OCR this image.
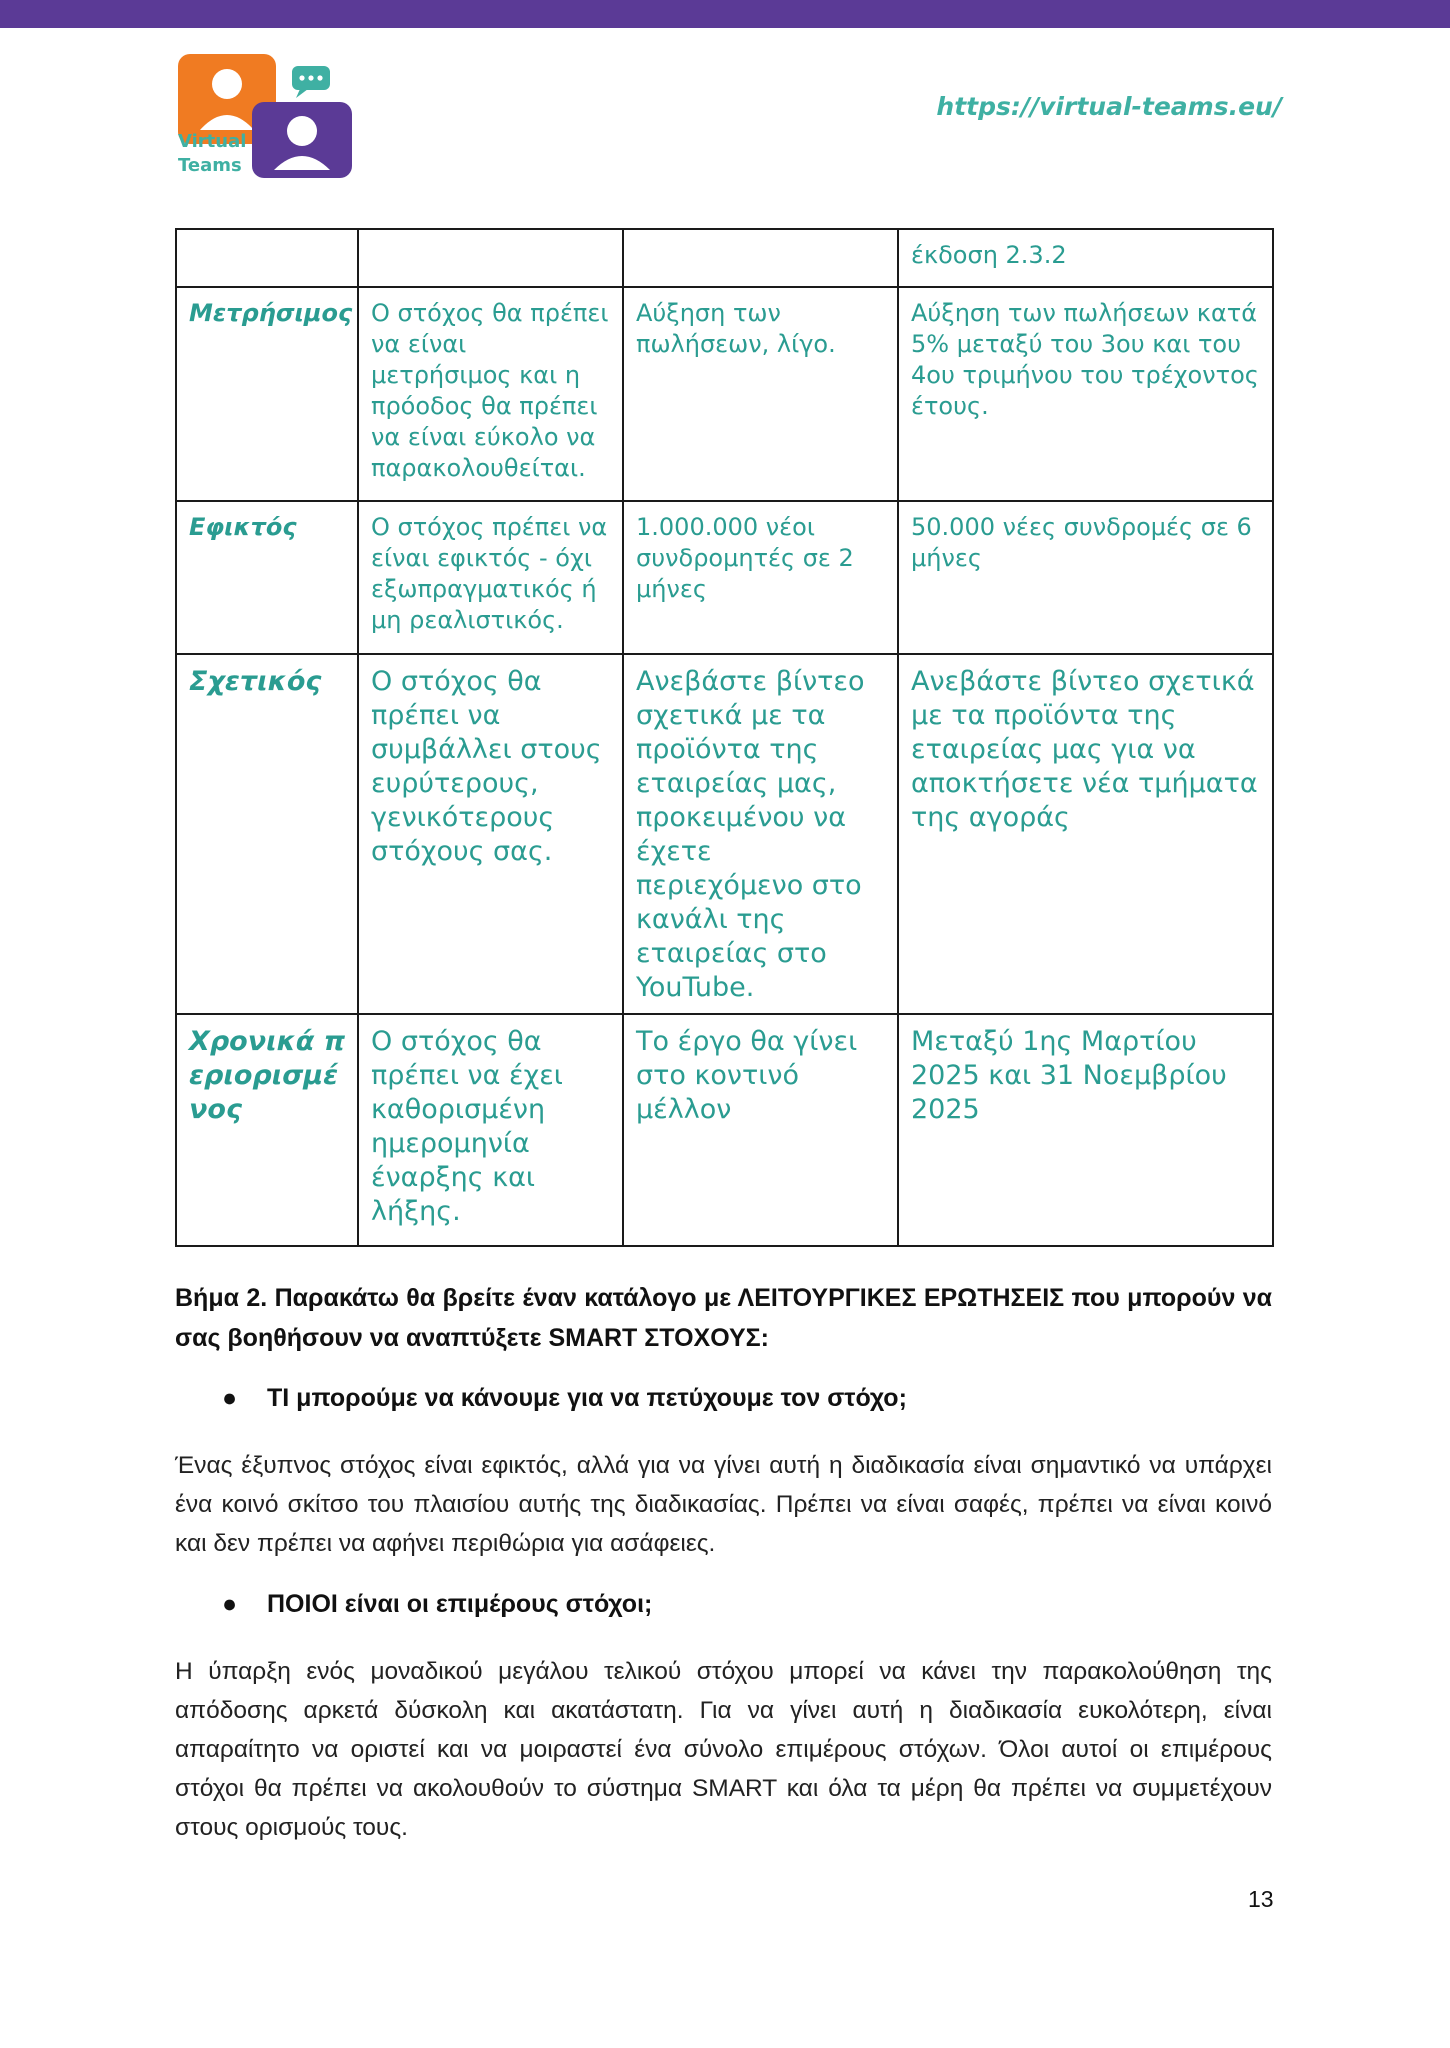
Virtual
Teams
https://virtual-teams.eu/
			έκδοση 2.3.2
Μετρήσιμος	Ο στόχος θα πρέπει να είναι μετρήσιμος και η πρόοδος θα πρέπει να είναι εύκολο να παρακολουθείται.	Αύξηση των πωλήσεων, λίγο.	Αύξηση των πωλήσεων κατά 5% μεταξύ του 3ου και του 4ου τριμήνου του τρέχοντος έτους.
Εφικτός	Ο στόχος πρέπει να είναι εφικτός - όχι εξωπραγματικός ή μη ρεαλιστικός.	1.000.000 νέοι συνδρομητές σε 2 μήνες	50.000 νέες συνδρομές σε 6 μήνες
Σχετικός	Ο στόχος θα πρέπει να συμβάλλει στους ευρύτερους, γενικότερους στόχους σας.	Ανεβάστε βίντεο σχετικά με τα προϊόντα της εταιρείας μας, προκειμένου να έχετε περιεχόμενο στο κανάλι της εταιρείας στο YouTube.	Ανεβάστε βίντεο σχετικά με τα προϊόντα της εταιρείας μας για να αποκτήσετε νέα τμήματα της αγοράς
Χρονικά περιορισμένος	Ο στόχος θα πρέπει να έχει καθορισμένη ημερομηνία έναρξης και λήξης.	Το έργο θα γίνει στο κοντινό μέλλον	Μεταξύ 1ης Μαρτίου 2025 και 31 Νοεμβρίου 2025
Βήμα 2. Παρακάτω θα βρείτε έναν κατάλογο με ΛΕΙΤΟΥΡΓΙΚΕΣ ΕΡΩΤΗΣΕΙΣ που μπορούν να σας βοηθήσουν να αναπτύξετε SMART ΣΤΟΧΟΥΣ:
● ΤΙ μπορούμε να κάνουμε για να πετύχουμε τον στόχο;
Ένας έξυπνος στόχος είναι εφικτός, αλλά για να γίνει αυτή η διαδικασία είναι σημαντικό να υπάρχει ένα κοινό σκίτσο του πλαισίου αυτής της διαδικασίας. Πρέπει να είναι σαφές, πρέπει να είναι κοινό και δεν πρέπει να αφήνει περιθώρια για ασάφειες.
● ΠΟΙΟΙ είναι οι επιμέρους στόχοι;
Η ύπαρξη ενός μοναδικού μεγάλου τελικού στόχου μπορεί να κάνει την παρακολούθηση της απόδοσης αρκετά δύσκολη και ακατάστατη. Για να γίνει αυτή η διαδικασία ευκολότερη, είναι απαραίτητο να οριστεί και να μοιραστεί ένα σύνολο επιμέρους στόχων. Όλοι αυτοί οι επιμέρους στόχοι θα πρέπει να ακολουθούν το σύστημα SMART και όλα τα μέρη θα πρέπει να συμμετέχουν στους ορισμούς τους.
13
